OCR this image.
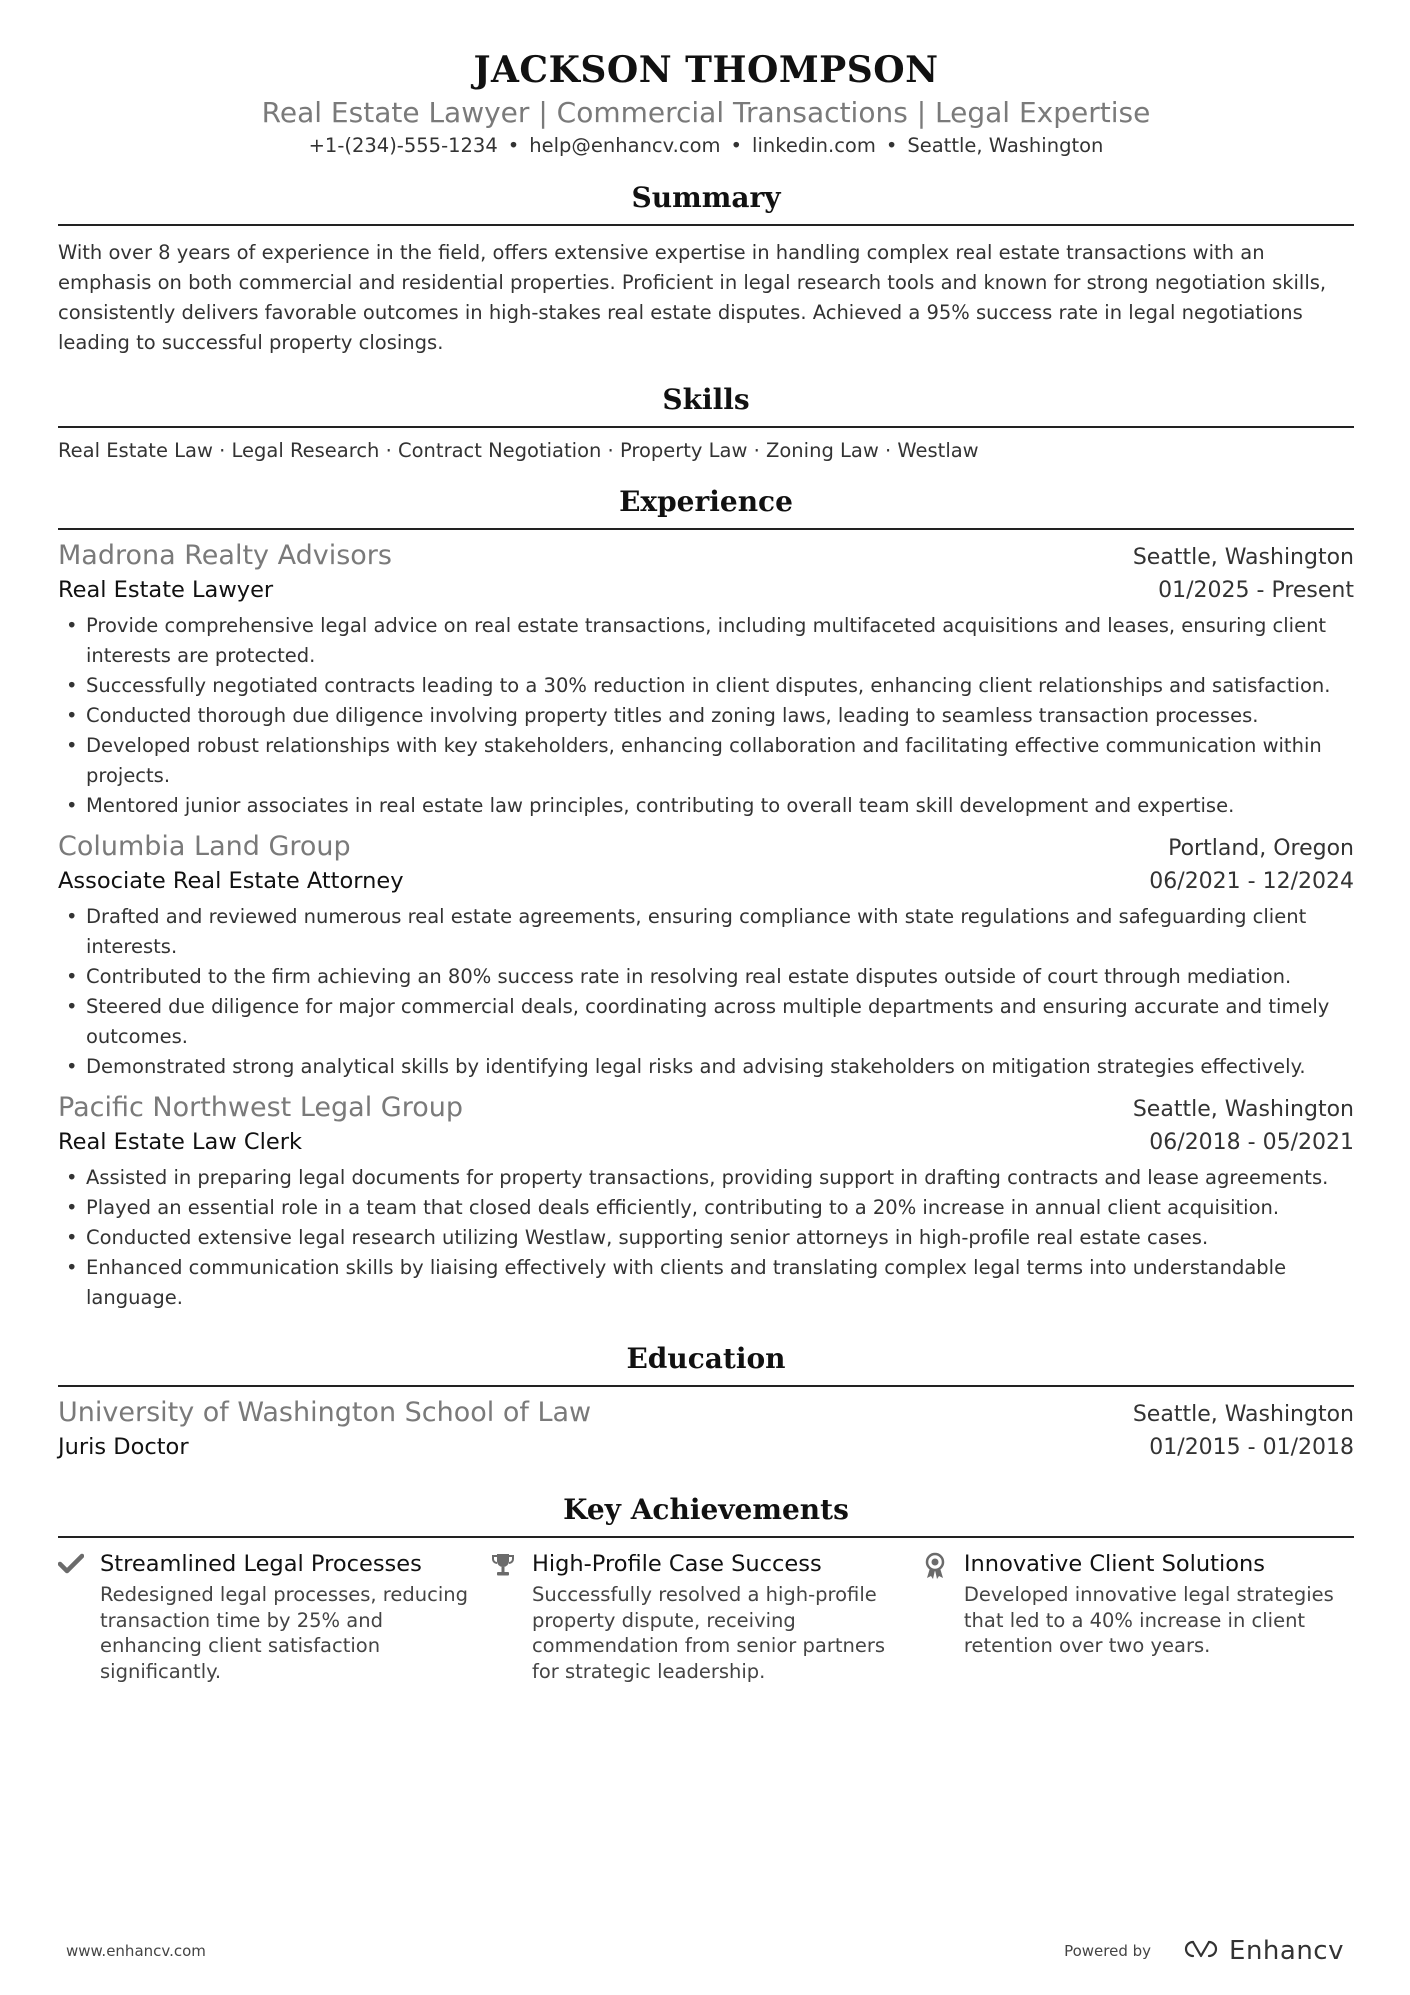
JACKSON THOMPSON
Real Estate Lawyer | Commercial Transactions | Legal Expertise
+1-(234)-555-1234 • help@enhancv.com • linkedin.com • Seattle, Washington
Summary
With over 8 years of experience in the field, offers extensive expertise in handling complex real estate transactions with an emphasis on both commercial and residential properties. Proficient in legal research tools and known for strong negotiation skills, consistently delivers favorable outcomes in high-stakes real estate disputes. Achieved a 95% success rate in legal negotiations leading to successful property closings.
Skills
Real Estate Law · Legal Research · Contract Negotiation · Property Law · Zoning Law · Westlaw
Experience
Madrona Realty Advisors	Seattle, Washington
Real Estate Lawyer	01/2025 - Present
• Provide comprehensive legal advice on real estate transactions, including multifaceted acquisitions and leases, ensuring client interests are protected.
• Successfully negotiated contracts leading to a 30% reduction in client disputes, enhancing client relationships and satisfaction.
• Conducted thorough due diligence involving property titles and zoning laws, leading to seamless transaction processes.
• Developed robust relationships with key stakeholders, enhancing collaboration and facilitating effective communication within projects.
• Mentored junior associates in real estate law principles, contributing to overall team skill development and expertise.
Columbia Land Group	Portland, Oregon
Associate Real Estate Attorney	06/2021 - 12/2024
• Drafted and reviewed numerous real estate agreements, ensuring compliance with state regulations and safeguarding client interests.
• Contributed to the firm achieving an 80% success rate in resolving real estate disputes outside of court through mediation.
• Steered due diligence for major commercial deals, coordinating across multiple departments and ensuring accurate and timely outcomes.
• Demonstrated strong analytical skills by identifying legal risks and advising stakeholders on mitigation strategies effectively.
Pacific Northwest Legal Group	Seattle, Washington
Real Estate Law Clerk	06/2018 - 05/2021
• Assisted in preparing legal documents for property transactions, providing support in drafting contracts and lease agreements.
• Played an essential role in a team that closed deals efficiently, contributing to a 20% increase in annual client acquisition.
• Conducted extensive legal research utilizing Westlaw, supporting senior attorneys in high-profile real estate cases.
• Enhanced communication skills by liaising effectively with clients and translating complex legal terms into understandable language.
Education
University of Washington School of Law	Seattle, Washington
Juris Doctor	01/2015 - 01/2018
Key Achievements
Streamlined Legal Processes
Redesigned legal processes, reducing transaction time by 25% and enhancing client satisfaction significantly.
High-Profile Case Success
Successfully resolved a high-profile property dispute, receiving commendation from senior partners for strategic leadership.
Innovative Client Solutions
Developed innovative legal strategies that led to a 40% increase in client retention over two years.
www.enhancv.com	Powered by	Enhancv
